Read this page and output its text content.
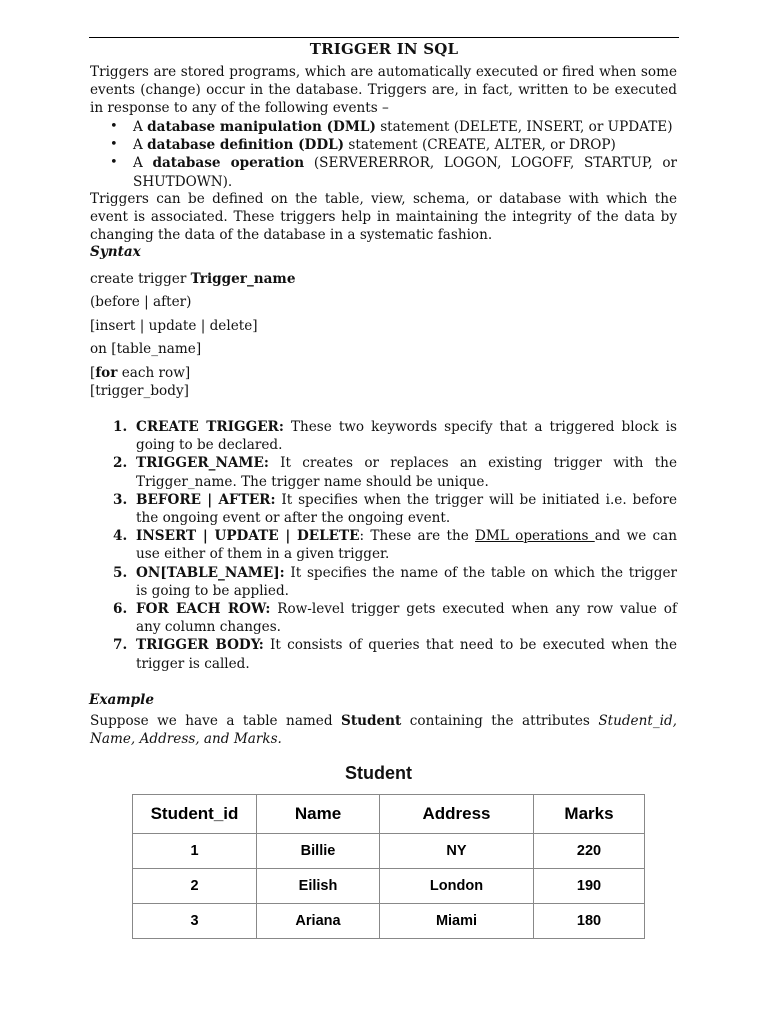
TRIGGER IN SQL
Triggers are stored programs, which are automatically executed or fired when some events (change) occur in the database. Triggers are, in fact, written to be executed in response to any of the following events –
• A database manipulation (DML) statement (DELETE, INSERT, or UPDATE)
• A database definition (DDL) statement (CREATE, ALTER, or DROP)
• A database operation (SERVERERROR, LOGON, LOGOFF, STARTUP, or SHUTDOWN).
Triggers can be defined on the table, view, schema, or database with which the event is associated. These triggers help in maintaining the integrity of the data by changing the data of the database in a systematic fashion.
Syntax
create trigger Trigger_name
(before | after)
[insert | update | delete]
on [table_name]
[for each row]
[trigger_body]
1. CREATE TRIGGER: These two keywords specify that a triggered block is going to be declared.
2. TRIGGER_NAME: It creates or replaces an existing trigger with the Trigger_name. The trigger name should be unique.
3. BEFORE | AFTER: It specifies when the trigger will be initiated i.e. before the ongoing event or after the ongoing event.
4. INSERT | UPDATE | DELETE: These are the DML operations and we can use either of them in a given trigger.
5. ON[TABLE_NAME]: It specifies the name of the table on which the trigger is going to be applied.
6. FOR EACH ROW: Row-level trigger gets executed when any row value of any column changes.
7. TRIGGER BODY: It consists of queries that need to be executed when the trigger is called.
Example
Suppose we have a table named Student containing the attributes Student_id, Name, Address, and Marks.
Student
Student_id	Name	Address	Marks
1	Billie	NY	220
2	Eilish	London	190
3	Ariana	Miami	180
